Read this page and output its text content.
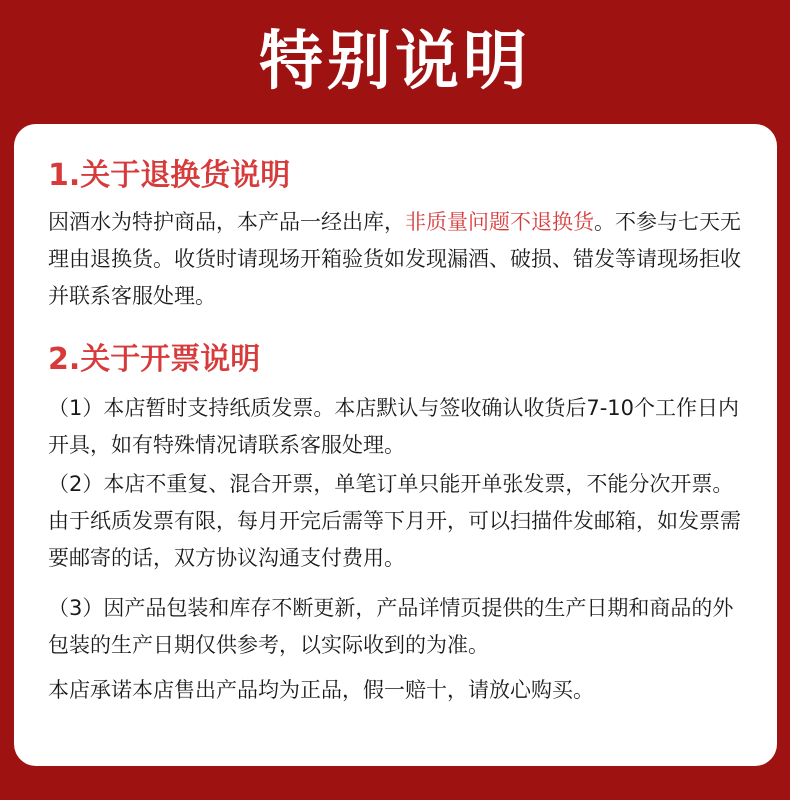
特别说明
1.关于退换货说明
因酒水为特护商品，本产品一经出库，非质量问题不退换货。不参与七天无理由退换货。收货时请现场开箱验货如发现漏酒、破损、错发等请现场拒收并联系客服处理。
2.关于开票说明
（1）本店暂时支持纸质发票。本店默认与签收确认收货后7-10个工作日内开具，如有特殊情况请联系客服处理。
（2）本店不重复、混合开票，单笔订单只能开单张发票，不能分次开票。由于纸质发票有限，每月开完后需等下月开，可以扫描件发邮箱，如发票需要邮寄的话，双方协议沟通支付费用。
（3）因产品包装和库存不断更新，产品详情页提供的生产日期和商品的外包装的生产日期仅供参考，以实际收到的为准。
本店承诺本店售出产品均为正品，假一赔十，请放心购买。
